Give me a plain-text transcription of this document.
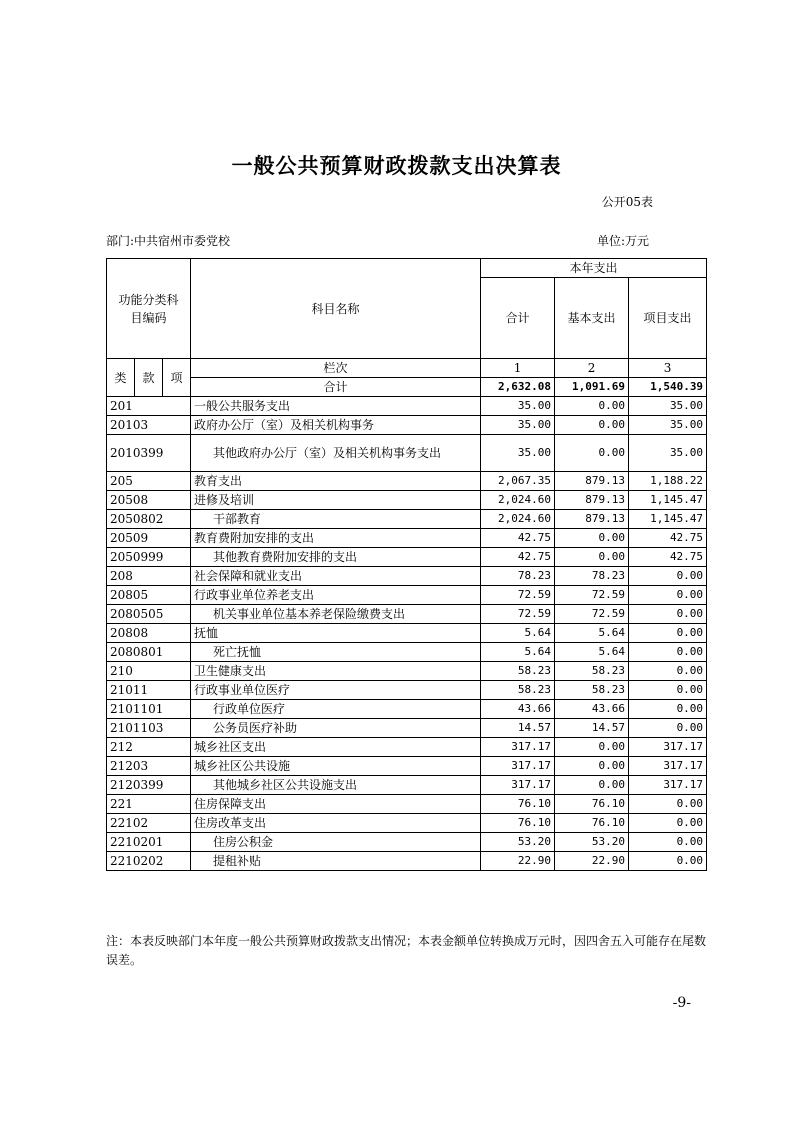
一般公共预算财政拨款支出决算表
公开05表
部门:中共宿州市委党校	单位:万元
功能分类科目编码			科目名称	本年支出		
				合计	基本支出	项目支出

类	款	项	栏次	1	2	3
			合计	2,632.08	1,091.69	1,540.39
201			一般公共服务支出	35.00	0.00	35.00
20103			政府办公厅（室）及相关机构事务	35.00	0.00	35.00
2010399			其他政府办公厅（室）及相关机构事务支出	35.00	0.00	35.00
205			教育支出	2,067.35	879.13	1,188.22
20508			进修及培训	2,024.60	879.13	1,145.47
2050802			干部教育	2,024.60	879.13	1,145.47
20509			教育费附加安排的支出	42.75	0.00	42.75
2050999			其他教育费附加安排的支出	42.75	0.00	42.75
208			社会保障和就业支出	78.23	78.23	0.00
20805			行政事业单位养老支出	72.59	72.59	0.00
2080505			机关事业单位基本养老保险缴费支出	72.59	72.59	0.00
20808			抚恤	5.64	5.64	0.00
2080801			死亡抚恤	5.64	5.64	0.00
210			卫生健康支出	58.23	58.23	0.00
21011			行政事业单位医疗	58.23	58.23	0.00
2101101			行政单位医疗	43.66	43.66	0.00
2101103			公务员医疗补助	14.57	14.57	0.00
212			城乡社区支出	317.17	0.00	317.17
21203			城乡社区公共设施	317.17	0.00	317.17
2120399			其他城乡社区公共设施支出	317.17	0.00	317.17
221			住房保障支出	76.10	76.10	0.00
22102			住房改革支出	76.10	76.10	0.00
2210201			住房公积金	53.20	53.20	0.00
2210202			提租补贴	22.90	22.90	0.00
注：本表反映部门本年度一般公共预算财政拨款支出情况；本表金额单位转换成万元时，因四舍五入可能存在尾数误差。
-9-
